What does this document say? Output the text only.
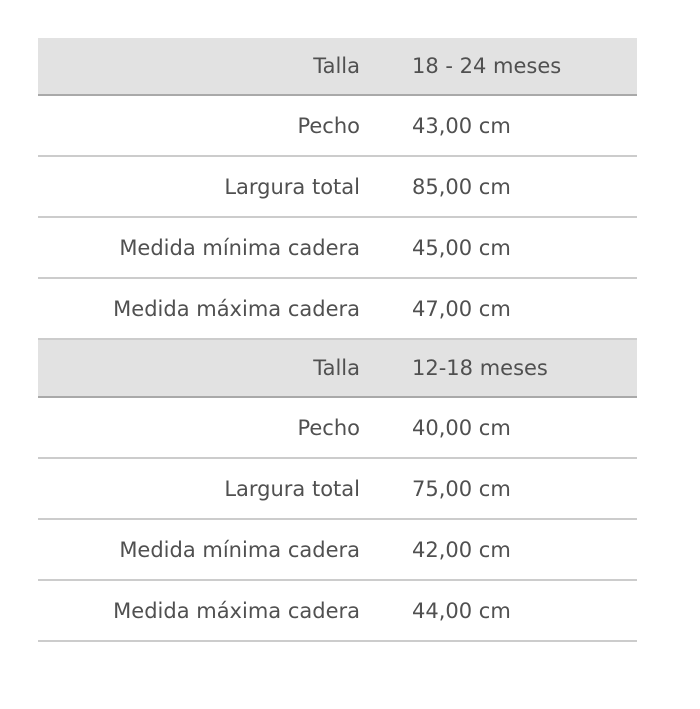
Talla 18 - 24 meses
Pecho 43,00 cm
Largura total 85,00 cm
Medida mínima cadera 45,00 cm
Medida máxima cadera 47,00 cm
Talla 12-18 meses
Pecho 40,00 cm
Largura total 75,00 cm
Medida mínima cadera 42,00 cm
Medida máxima cadera 44,00 cm
